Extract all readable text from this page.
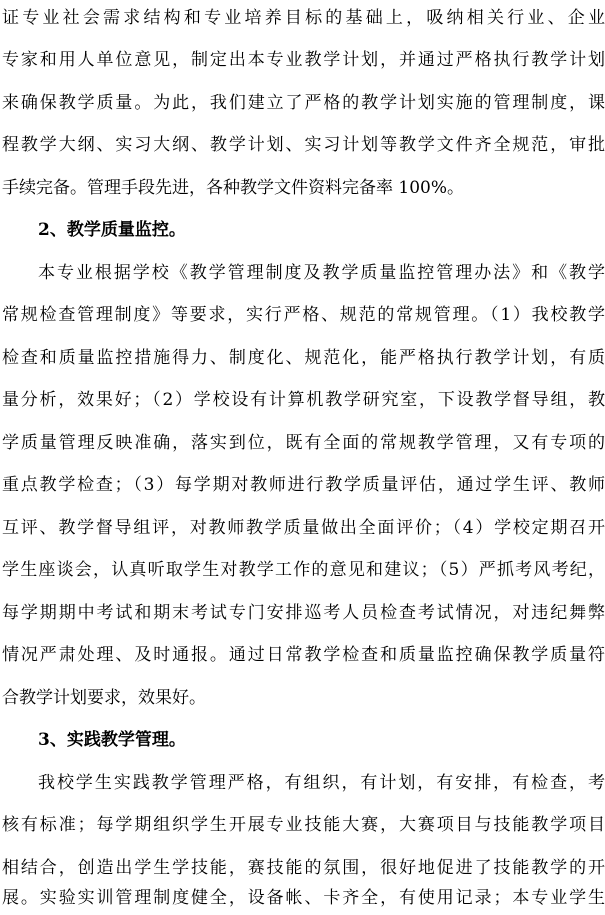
证专业社会需求结构和专业培养目标的基础上，吸纳相关行业、企业
专家和用人单位意见，制定出本专业教学计划，并通过严格执行教学计划
来确保教学质量。为此，我们建立了严格的教学计划实施的管理制度，课
程教学大纲、实习大纲、教学计划、实习计划等教学文件齐全规范，审批
手续完备。管理手段先进，各种教学文件资料完备率 100%。
2、教学质量监控。
本专业根据学校《教学管理制度及教学质量监控管理办法》和《教学
常规检查管理制度》等要求，实行严格、规范的常规管理。（1）我校教学
检查和质量监控措施得力、制度化、规范化，能严格执行教学计划，有质
量分析，效果好；（2）学校设有计算机教学研究室，下设教学督导组，教
学质量管理反映准确，落实到位，既有全面的常规教学管理，又有专项的
重点教学检查；（3）每学期对教师进行教学质量评估，通过学生评、教师
互评、教学督导组评，对教师教学质量做出全面评价；（4）学校定期召开
学生座谈会，认真听取学生对教学工作的意见和建议；（5）严抓考风考纪，
每学期期中考试和期末考试专门安排巡考人员检查考试情况，对违纪舞弊
情况严肃处理、及时通报。通过日常教学检查和质量监控确保教学质量符
合教学计划要求，效果好。
3、实践教学管理。
我校学生实践教学管理严格，有组织，有计划，有安排，有检查，考
核有标准；每学期组织学生开展专业技能大赛，大赛项目与技能教学项目
相结合，创造出学生学技能，赛技能的氛围，很好地促进了技能教学的开
展。实验实训管理制度健全，设备帐、卡齐全，有使用记录；本专业学生
